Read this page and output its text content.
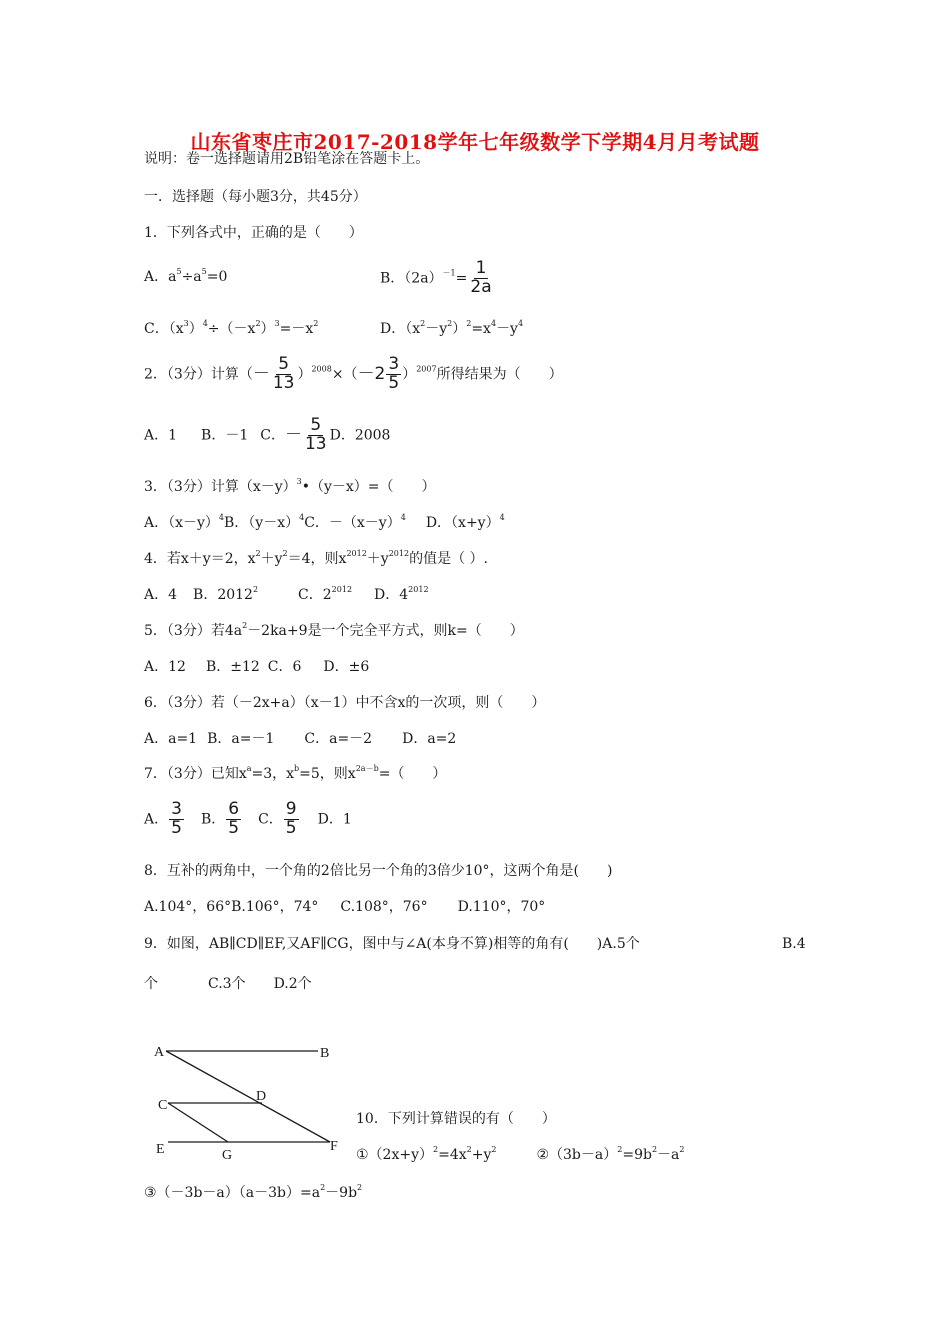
山东省枣庄市2017-2018学年七年级数学下学期4月月考试题
说明：卷一选择题请用2B铅笔涂在答题卡上。
一．选择题（每小题3分，共45分）
1．下列各式中，正确的是（　　）
A．$a^5\div a^5=0$	B．$(2a)^{-1}= \frac{1}{2a}$
C．$(x^3)^4\div(-x^2)^3=-x^2$	D．$(x^2-y^2)^2=x^4-y^4$
2．（3分）计算（ － 5
13 ）$^{2008}$×（ －2 3
5 ）$^{2007}$所得结果为（　　）
A．1 B．－1 C． － 5
13 D．2008
3．（3分）计算$(x-y)^3•(y-x)=$（　　）
A．$(x-y)^4B$．$(y-x)^4C$．$-(x-y)^4$ D．$(x+y)^4$
4．若x＋y＝2，$x^2+y^2=4$，则$x^{2012}+y^{2012}$的值是（ ）.
A．4 B．2012$^2$	C．$2^{2012}$ D．$4^{2012}$
5．（3分）若$4a^2-2ka+9$是一个完全平方式，则k=（　　）
A．12 B．±12 C．6 D．±6
6．（3分）若（－2x+a）（x－1）中不含x的一次项，则（　　）
A．a=1 B．a=－1 C．a=－2 D．a=2
7．（3分）已知$x^a=3$，$x^b=5$，则$x^{2a-b}=$（　　）
A． $\frac{3}{5}$ B． $\frac{6}{5}$ C． $\frac{9}{5}$ D．1
8．互补的两角中，一个角的2倍比另一个角的3倍少10°，这两个角是(　　)
A.104°，66°B.106°，74° C.108°，76° D.110°，70°
9．如图，AB∥CD∥EF,又AF∥CG，图中与∠A(本身不算)相等的角有(　　)A.5个	B.4
个	C.3个 D.2个
A	B
C
D
E	F
G
10．下列计算错误的有（　　）
$①(2x+y)^2=4x^2+y^2$	$②(3b-a)^2=9b^2-a^2$
$③(-3b-a)(a-3b)=a^2-9b^2$
